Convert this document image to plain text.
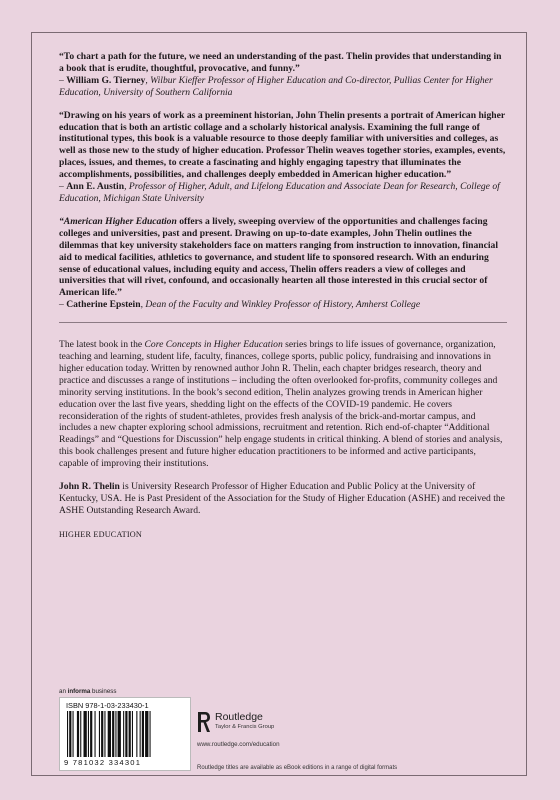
“To chart a path for the future, we need an understanding of the past. Thelin provides that understanding in a book that is erudite, thoughtful, provocative, and funny.”

– William G. Tierney, Wilbur Kieffer Professor of Higher Education and Co-director, Pullias Center for Higher Education, University of Southern California

“Drawing on his years of work as a preeminent historian, John Thelin presents a portrait of American higher education that is both an artistic collage and a scholarly historical analysis. Examining the full range of institutional types, this book is a valuable resource to those deeply familiar with universities and colleges, as well as those new to the study of higher education. Professor Thelin weaves together stories, examples, events, places, issues, and themes, to create a fascinating and highly engaging tapestry that illuminates the accomplishments, possibilities, and challenges deeply embedded in American higher education.”

– Ann E. Austin, Professor of Higher, Adult, and Lifelong Education and Associate Dean for Research, College of Education, Michigan State University

“American Higher Education offers a lively, sweeping overview of the opportunities and challenges facing colleges and universities, past and present. Drawing on up-to-date examples, John Thelin outlines the dilemmas that key university stakeholders face on matters ranging from instruction to innovation, financial aid to medical facilities, athletics to governance, and student life to sponsored research. With an enduring sense of educational values, including equity and access, Thelin offers readers a view of colleges and universities that will rivet, confound, and occasionally hearten all those interested in this crucial sector of American life.”

– Catherine Epstein, Dean of the Faculty and Winkley Professor of History, Amherst College

The latest book in the Core Concepts in Higher Education series brings to life issues of governance, organization, teaching and learning, student life, faculty, finances, college sports, public policy, fundraising and innovations in higher education today. Written by renowned author John R. Thelin, each chapter bridges research, theory and practice and discusses a range of institutions – including the often overlooked for-profits, community colleges and minority serving institutions. In the book’s second edition, Thelin analyzes growing trends in American higher education over the last five years, shedding light on the effects of the COVID-19 pandemic. He covers reconsideration of the rights of student-athletes, provides fresh analysis of the brick-and-mortar campus, and includes a new chapter exploring school admissions, recruitment and retention. Rich end-of-chapter “Additional Readings” and “Questions for Discussion” help engage students in critical thinking. A blend of stories and analysis, this book challenges present and future higher education practitioners to be informed and active participants, capable of improving their institutions.

John R. Thelin is University Research Professor of Higher Education and Public Policy at the University of Kentucky, USA. He is Past President of the Association for the Study of Higher Education (ASHE) and received the ASHE Outstanding Research Award.

HIGHER EDUCATION

an informa business
ISBN 978-1-03-233430-1
9 781032 334301
Routledge
Taylor & Francis Group
www.routledge.com/education
Routledge titles are available as eBook editions in a range of digital formats
